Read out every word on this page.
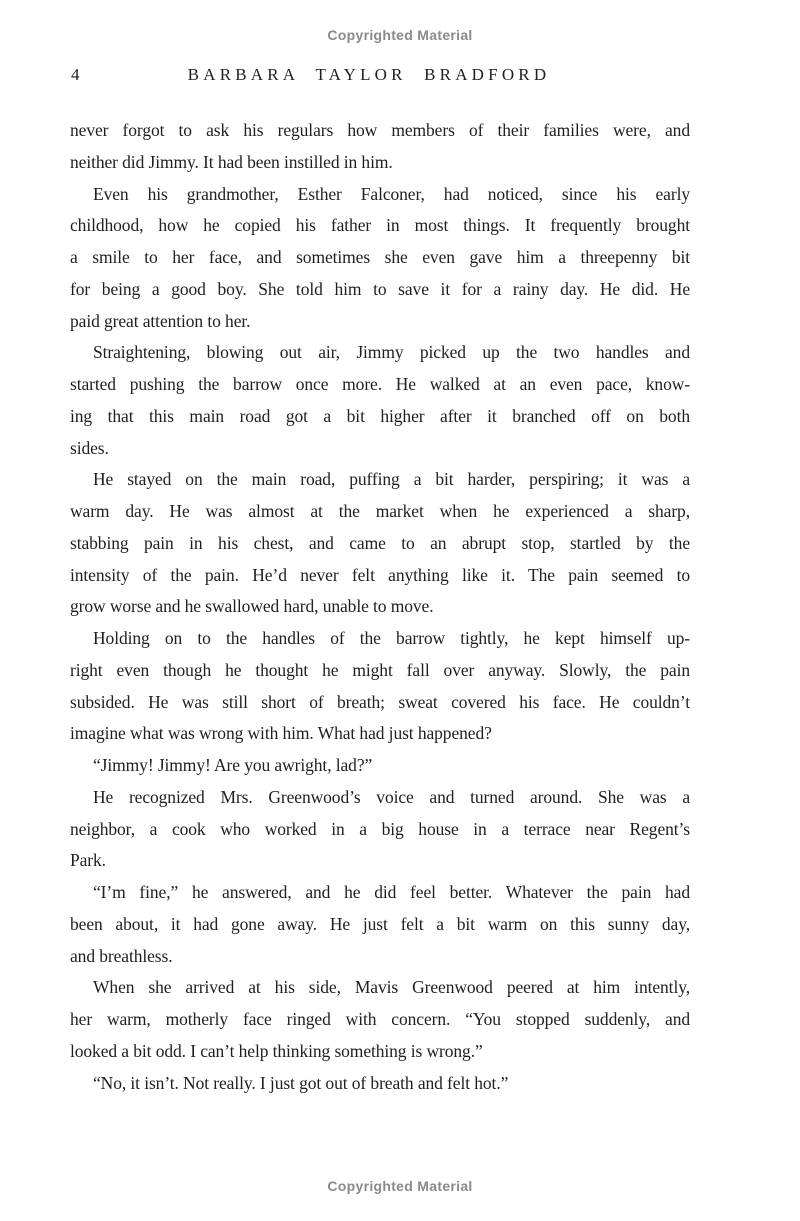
Copyrighted Material
4	BARBARA TAYLOR BRADFORD
never forgot to ask his regulars how members of their families were, and
neither did Jimmy. It had been instilled in him.
Even his grandmother, Esther Falconer, had noticed, since his early
childhood, how he copied his father in most things. It frequently brought
a smile to her face, and sometimes she even gave him a threepenny bit
for being a good boy. She told him to save it for a rainy day. He did. He
paid great attention to her.
Straightening, blowing out air, Jimmy picked up the two handles and
started pushing the barrow once more. He walked at an even pace, know-
ing that this main road got a bit higher after it branched off on both
sides.
He stayed on the main road, puffing a bit harder, perspiring; it was a
warm day. He was almost at the market when he experienced a sharp,
stabbing pain in his chest, and came to an abrupt stop, startled by the
intensity of the pain. He’d never felt anything like it. The pain seemed to
grow worse and he swallowed hard, unable to move.
Holding on to the handles of the barrow tightly, he kept himself up-
right even though he thought he might fall over anyway. Slowly, the pain
subsided. He was still short of breath; sweat covered his face. He couldn’t
imagine what was wrong with him. What had just happened?
“Jimmy! Jimmy! Are you awright, lad?”
He recognized Mrs. Greenwood’s voice and turned around. She was a
neighbor, a cook who worked in a big house in a terrace near Regent’s
Park.
“I’m fine,” he answered, and he did feel better. Whatever the pain had
been about, it had gone away. He just felt a bit warm on this sunny day,
and breathless.
When she arrived at his side, Mavis Greenwood peered at him intently,
her warm, motherly face ringed with concern. “You stopped suddenly, and
looked a bit odd. I can’t help thinking something is wrong.”
“No, it isn’t. Not really. I just got out of breath and felt hot.”
Copyrighted Material
